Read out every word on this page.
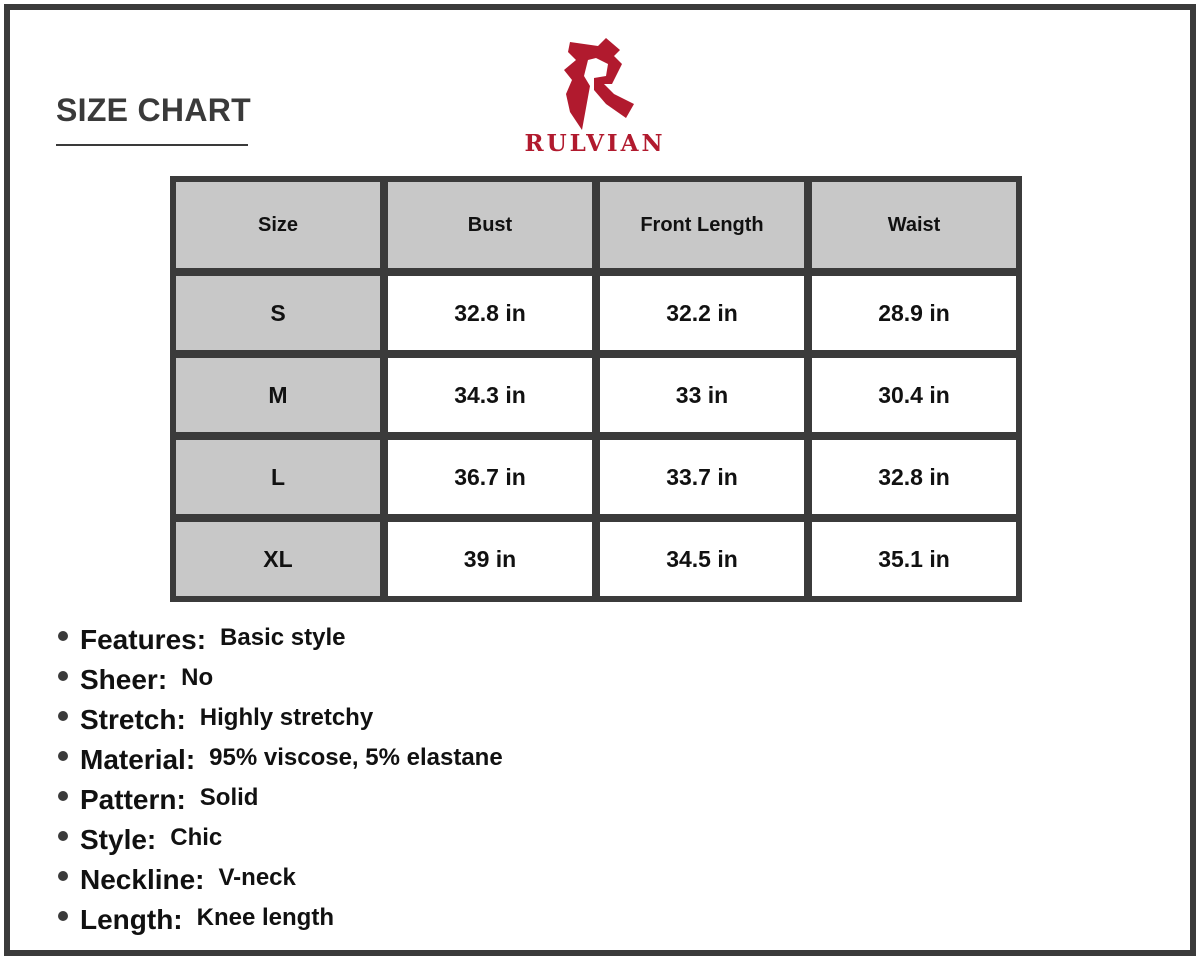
SIZE CHART
RULVIAN
Size	Bust	Front Length	Waist
S	32.8 in	32.2 in	28.9 in
M	34.3 in	33 in	30.4 in
L	36.7 in	33.7 in	32.8 in
XL	39 in	34.5 in	35.1 in
Features: Basic style
Sheer: No
Stretch: Highly stretchy
Material: 95% viscose, 5% elastane
Pattern: Solid
Style: Chic
Neckline: V-neck
Length: Knee length
